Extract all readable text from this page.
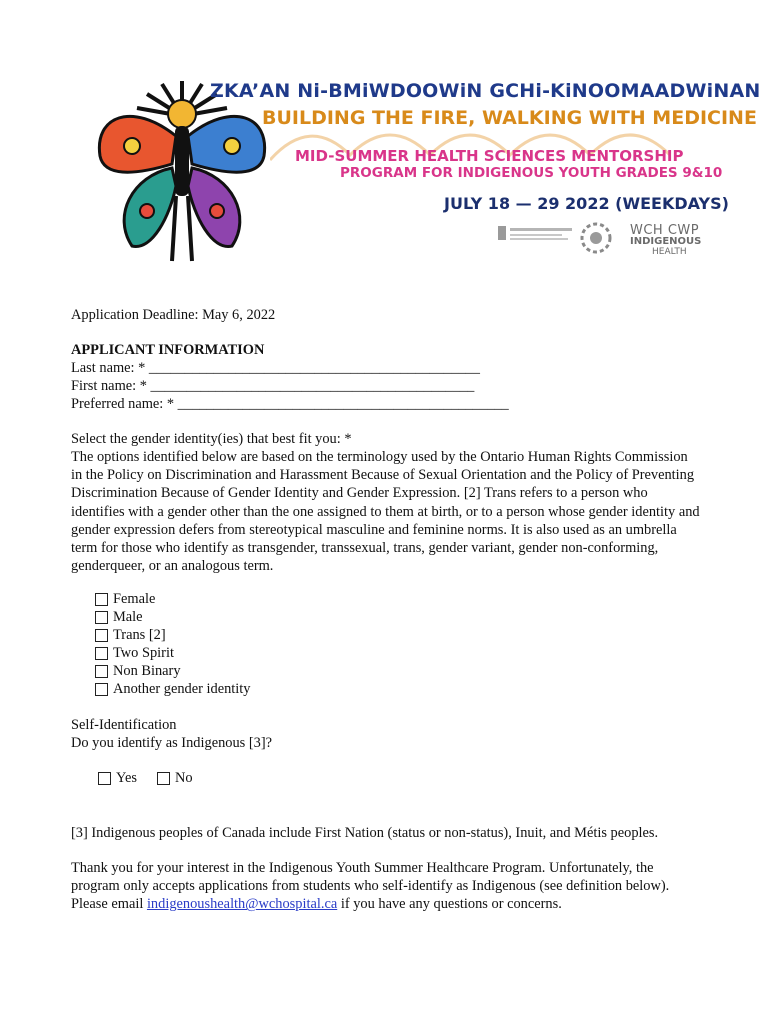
ZKA’AN Ni-BMiWDOOWiN GCHi-KiNOOMAADWiNAN
BUILDING THE FIRE, WALKING WITH MEDICINE
MID-SUMMER HEALTH SCIENCES MENTORSHIP
PROGRAM FOR INDIGENOUS YOUTH GRADES 9&10
JULY 18 — 29 2022 (WEEKDAYS)
WCH CWP
INDIGENOUS
HEALTH
Application Deadline: May 6, 2022
APPLICANT INFORMATION
Last name: * ______________________________________________
First name: * _____________________________________________
Preferred name: * ______________________________________________
Select the gender identity(ies) that best fit you: *
The options identified below are based on the terminology used by the Ontario Human Rights Commission in the Policy on Discrimination and Harassment Because of Sexual Orientation and the Policy of Preventing Discrimination Because of Gender Identity and Gender Expression. [2] Trans refers to a person who identifies with a gender other than the one assigned to them at birth, or to a person whose gender identity and gender expression defers from stereotypical masculine and feminine norms. It is also used as an umbrella term for those who identify as transgender, transsexual, trans, gender variant, gender non-conforming, genderqueer, or an analogous term.
Female
Male
Trans [2]
Two Spirit
Non Binary
Another gender identity
Self-Identification
Do you identify as Indigenous [3]?
Yes	No
[3] Indigenous peoples of Canada include First Nation (status or non-status), Inuit, and Métis peoples.
Thank you for your interest in the Indigenous Youth Summer Healthcare Program. Unfortunately, the program only accepts applications from students who self-identify as Indigenous (see definition below). Please email indigenoushealth@wchospital.ca if you have any questions or concerns.
